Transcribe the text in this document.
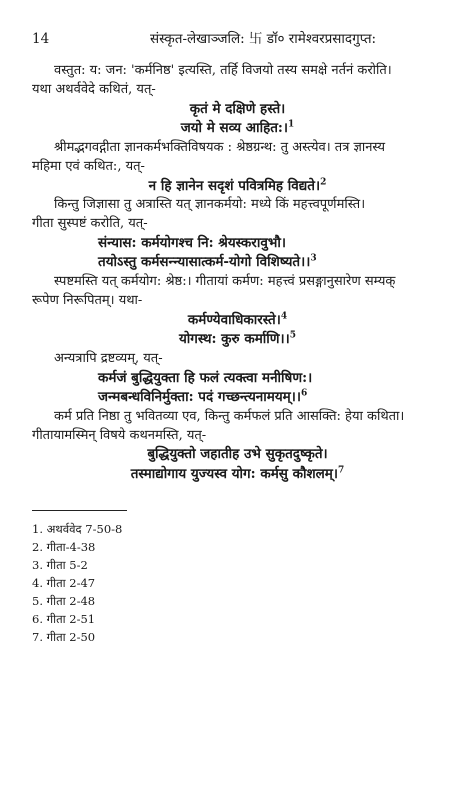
14	संस्कृत-लेखाञ्जलि: 卐 डॉ० रामेश्वरप्रसादगुप्त:

वस्तुत: य: जन: 'कर्मनिष्ठ' इत्यस्ति, तर्हि विजयो तस्य समक्षे नर्तनं करोति।

यथा अथर्ववेदे कथितं, यत्-

कृतं मे दक्षिणे हस्ते।

जयो मे सव्य आहित:।$^1$

श्रीमद्भगवद्गीता ज्ञानकर्मभक्तिविषयक : श्रेष्ठग्रन्थ: तु अस्त्येव। तत्र ज्ञानस्य

महिमा एवं कथित:, यत्-

न हि ज्ञानेन सदृशं पवित्रमिह विद्यते।$^2$

किन्तु जिज्ञासा तु अत्रास्ति यत् ज्ञानकर्मयो: मध्ये किं महत्त्वपूर्णमस्ति।

गीता सुस्पष्टं करोति, यत्-

संन्यास: कर्मयोगश्च नि: श्रेयस्करावुभौ।

तयोऽस्तु कर्मसन्न्यासात्कर्म-योगो विशिष्यते।।$^3$

स्पष्टमस्ति यत् कर्मयोग: श्रेष्ठ:। गीतायां कर्मण: महत्त्वं प्रसङ्गानुसारेण सम्यक्

रूपेण निरूपितम्। यथा-

कर्मण्येवाधिकारस्ते।$^4$

योगस्थ: कुरु कर्माणि।।$^5$

अन्यत्रापि द्रष्टव्यम्, यत्-

कर्मजं बुद्धियुक्ता हि फलं त्यक्त्वा मनीषिण:।

जन्मबन्धविनिर्मुक्ता: पदं गच्छन्त्यनामयम्।।$^6$

कर्म प्रति निष्ठा तु भवितव्या एव, किन्तु कर्मफलं प्रति आसक्ति: हेया कथिता।

गीतायामस्मिन् विषये कथनमस्ति, यत्-

बुद्धियुक्तो जहातीह उभे सुकृतदुष्कृते।

तस्माद्योगाय युज्यस्व योग: कर्मसु कौशलम्।$^7$

1. अथर्ववेद 7-50-8

2. गीता-4-38

3. गीता 5-2

4. गीता 2-47

5. गीता 2-48

6. गीता 2-51

7. गीता 2-50
